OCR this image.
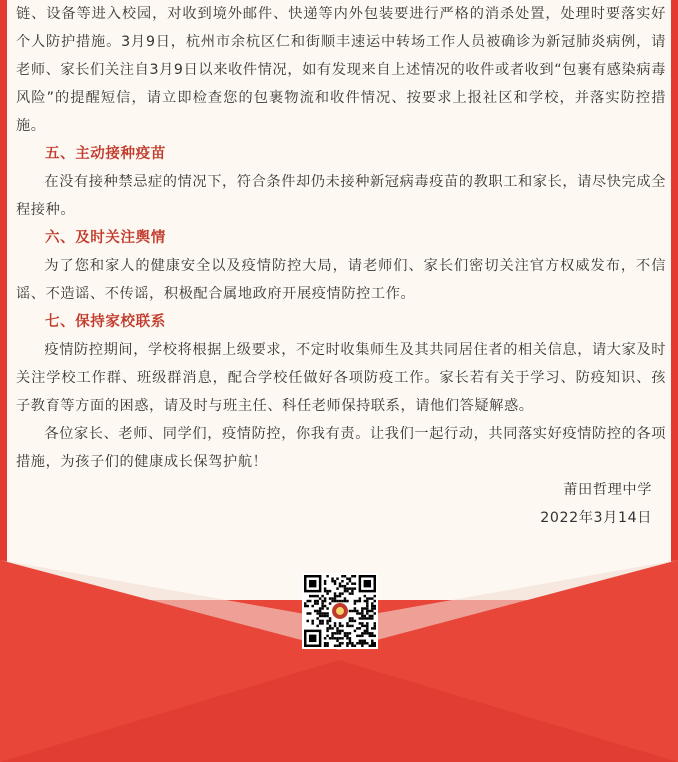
链、设备等进入校园，对收到境外邮件、快递等内外包装要进行严格的消杀处置，处理时要落实好个人防护措施。3月9日，杭州市余杭区仁和街顺丰速运中转场工作人员被确诊为新冠肺炎病例，请老师、家长们关注自3月9日以来收件情况，如有发现来自上述情况的收件或者收到“包裹有感染病毒风险”的提醒短信，请立即检查您的包裹物流和收件情况、按要求上报社区和学校，并落实防控措施。

五、主动接种疫苗

在没有接种禁忌症的情况下，符合条件却仍未接种新冠病毒疫苗的教职工和家长，请尽快完成全程接种。

六、及时关注舆情

为了您和家人的健康安全以及疫情防控大局，请老师们、家长们密切关注官方权威发布，不信谣、不造谣、不传谣，积极配合属地政府开展疫情防控工作。

七、保持家校联系

疫情防控期间，学校将根据上级要求，不定时收集师生及其共同居住者的相关信息，请大家及时关注学校工作群、班级群消息，配合学校任做好各项防疫工作。家长若有关于学习、防疫知识、孩子教育等方面的困惑，请及时与班主任、科任老师保持联系，请他们答疑解惑。

各位家长、老师、同学们，疫情防控，你我有责。让我们一起行动，共同落实好疫情防控的各项措施，为孩子们的健康成长保驾护航！

莆田哲理中学

2022年3月14日
